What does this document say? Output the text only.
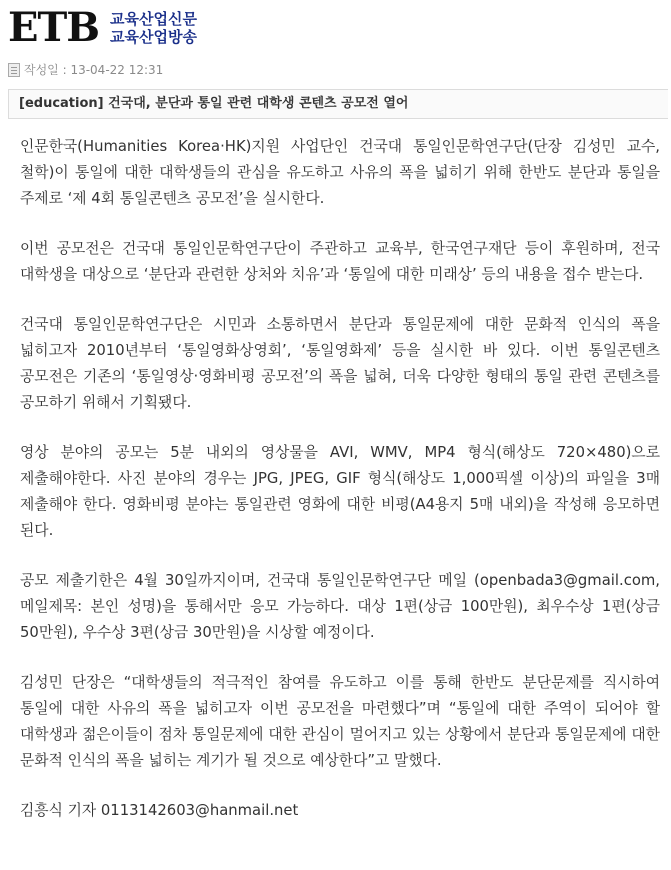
ETB 교육산업신문
교육산업방송
작성일 : 13-04-22 12:31
[education] 건국대, 분단과 통일 관련 대학생 콘텐츠 공모전 열어

인문한국(Humanities Korea·HK)지원 사업단인 건국대 통일인문학연구단(단장 김성민 교수, 철학)이 통일에 대한 대학생들의 관심을 유도하고 사유의 폭을 넓히기 위해 한반도 분단과 통일을 주제로 ‘제 4회 통일콘텐츠 공모전’을 실시한다.

이번 공모전은 건국대 통일인문학연구단이 주관하고 교육부, 한국연구재단 등이 후원하며, 전국 대학생을 대상으로 ‘분단과 관련한 상처와 치유’과 ‘통일에 대한 미래상’ 등의 내용을 접수 받는다.

건국대 통일인문학연구단은 시민과 소통하면서 분단과 통일문제에 대한 문화적 인식의 폭을 넓히고자 2010년부터 ‘통일영화상영회’, ‘통일영화제’ 등을 실시한 바 있다. 이번 통일콘텐츠 공모전은 기존의 ‘통일영상·영화비평 공모전’의 폭을 넓혀, 더욱 다양한 형태의 통일 관련 콘텐츠를 공모하기 위해서 기획됐다.

영상 분야의 공모는 5분 내외의 영상물을 AVI, WMV, MP4 형식(해상도 720×480)으로 제출해야한다. 사진 분야의 경우는 JPG, JPEG, GIF 형식(해상도 1,000픽셀 이상)의 파일을 3매 제출해야 한다. 영화비평 분야는 통일관련 영화에 대한 비평(A4용지 5매 내외)을 작성해 응모하면 된다.

공모 제출기한은 4월 30일까지이며, 건국대 통일인문학연구단 메일 (openbada3@gmail.com, 메일제목: 본인 성명)을 통해서만 응모 가능하다. 대상 1편(상금 100만원), 최우수상 1편(상금 50만원), 우수상 3편(상금 30만원)을 시상할 예정이다.

김성민 단장은 “대학생들의 적극적인 참여를 유도하고 이를 통해 한반도 분단문제를 직시하여 통일에 대한 사유의 폭을 넓히고자 이번 공모전을 마련했다”며 “통일에 대한 주역이 되어야 할 대학생과 젊은이들이 점차 통일문제에 대한 관심이 멀어지고 있는 상황에서 분단과 통일문제에 대한 문화적 인식의 폭을 넓히는 계기가 될 것으로 예상한다”고 말했다.

김흥식 기자 0113142603@hanmail.net
